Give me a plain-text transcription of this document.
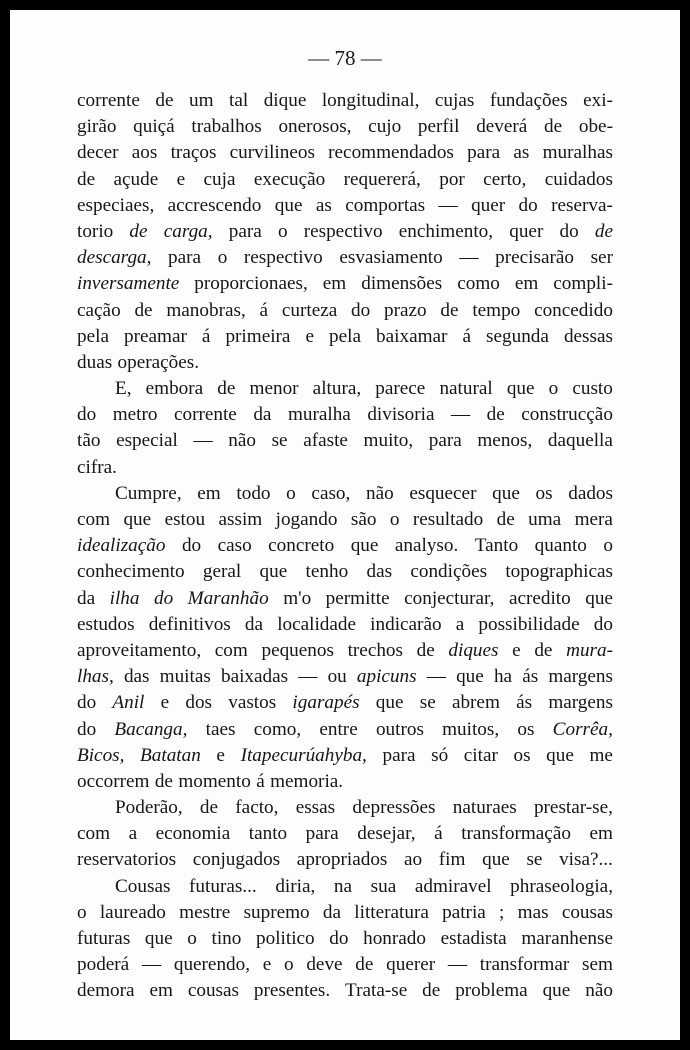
— 78 —
corrente de um tal dique longitudinal, cujas fundações exi-
girão quiçá trabalhos onerosos, cujo perfil deverá de obe-
decer aos traços curvilineos recommendados para as muralhas
de açude e cuja execução requererá, por certo, cuidados
especiaes, accrescendo que as comportas — quer do reserva-
torio de carga, para o respectivo enchimento, quer do de
descarga, para o respectivo esvasiamento — precisarão ser
inversamente proporcionaes, em dimensões como em compli-
cação de manobras, á curteza do prazo de tempo concedido
pela preamar á primeira e pela baixamar á segunda dessas
duas operações.
E, embora de menor altura, parece natural que o custo
do metro corrente da muralha divisoria — de construcção
tão especial — não se afaste muito, para menos, daquella
cifra.
Cumpre, em todo o caso, não esquecer que os dados
com que estou assim jogando são o resultado de uma mera
idealização do caso concreto que analyso. Tanto quanto o
conhecimento geral que tenho das condições topographicas
da ilha do Maranhão m'o permitte conjecturar, acredito que
estudos definitivos da localidade indicarão a possibilidade do
aproveitamento, com pequenos trechos de diques e de mura-
lhas, das muitas baixadas — ou apicuns — que ha ás margens
do Anil e dos vastos igarapés que se abrem ás margens
do Bacanga, taes como, entre outros muitos, os Corrêa,
Bicos, Batatan e Itapecurúahyba, para só citar os que me
occorrem de momento á memoria.
Poderão, de facto, essas depressões naturaes prestar-se,
com a economia tanto para desejar, á transformação em
reservatorios conjugados apropriados ao fim que se visa?...
Cousas futuras... diria, na sua admiravel phraseologia,
o laureado mestre supremo da litteratura patria ; mas cousas
futuras que o tino politico do honrado estadista maranhense
poderá — querendo, e o deve de querer — transformar sem
demora em cousas presentes. Trata-se de problema que não
